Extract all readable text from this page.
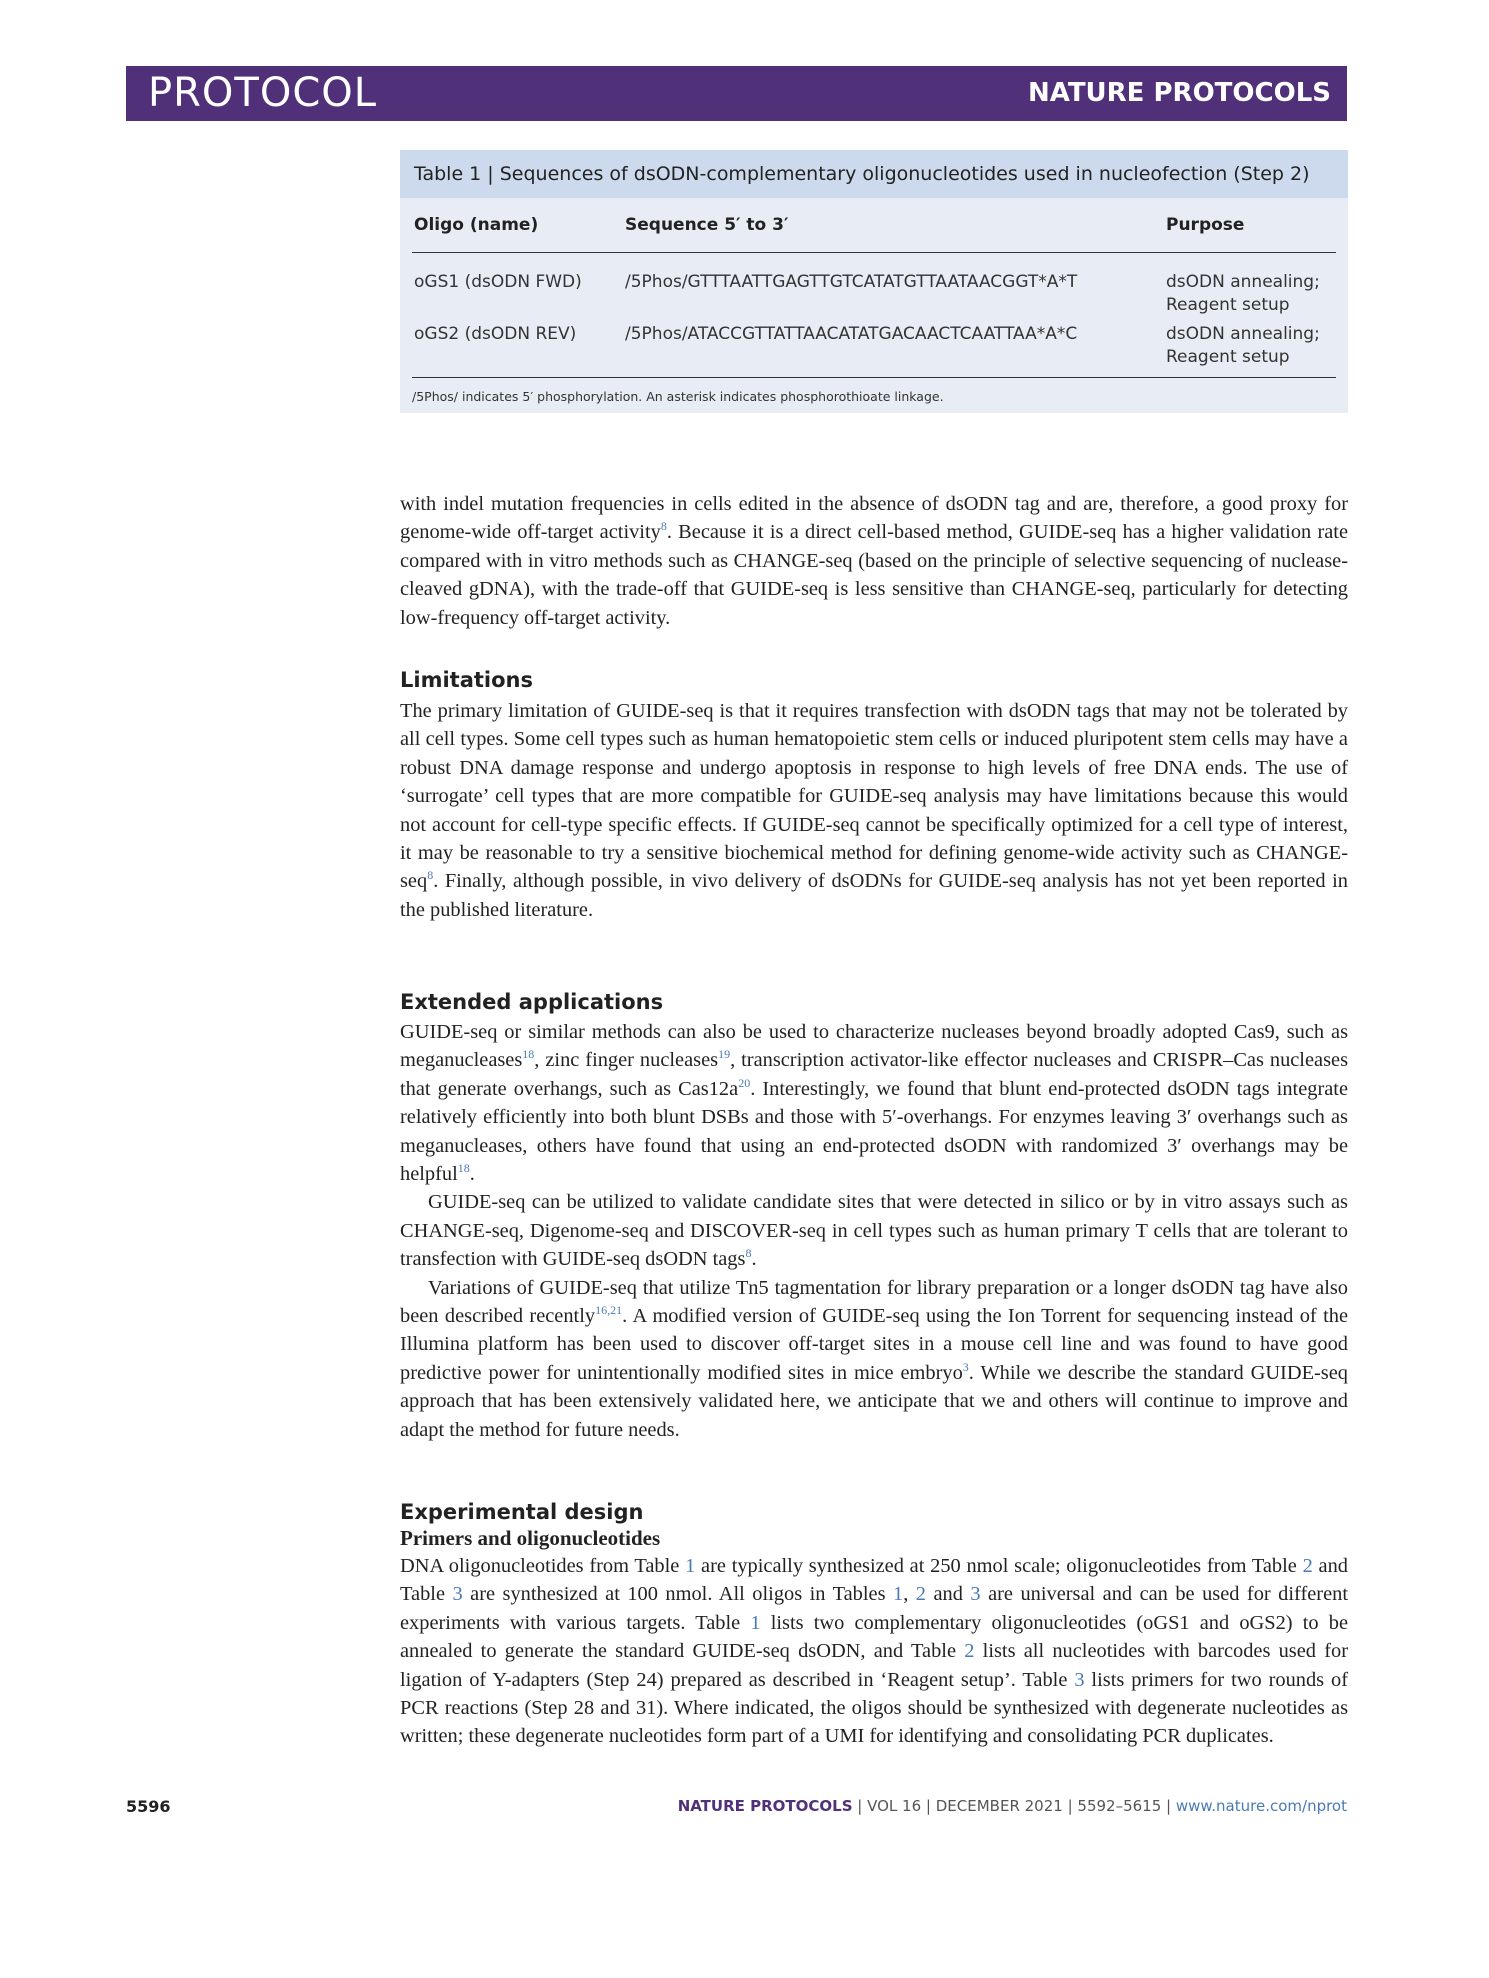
PROTOCOL	NATURE PROTOCOLS
Table 1 | Sequences of dsODN-complementary oligonucleotides used in nucleofection (Step 2)
Oligo (name)	Sequence 5′ to 3′	Purpose
oGS1 (dsODN FWD)	/5Phos/GTTTAATTGAGTTGTCATATGTTAATAACGGT*A*T	dsODN annealing;
Reagent setup
oGS2 (dsODN REV)	/5Phos/ATACCGTTATTAACATATGACAACTCAATTAA*A*C	dsODN annealing;
Reagent setup
/5Phos/ indicates 5′ phosphorylation. An asterisk indicates phosphorothioate linkage.

with indel mutation frequencies in cells edited in the absence of dsODN tag and are, therefore, a good proxy for genome-wide off-target activity$^8$. Because it is a direct cell-based method, GUIDE-seq has a higher validation rate compared with in vitro methods such as CHANGE-seq (based on the principle of selective sequencing of nuclease-cleaved gDNA), with the trade-off that GUIDE-seq is less sensitive than CHANGE-seq, particularly for detecting low-frequency off-target activity.

Limitations

The primary limitation of GUIDE-seq is that it requires transfection with dsODN tags that may not be tolerated by all cell types. Some cell types such as human hematopoietic stem cells or induced pluripotent stem cells may have a robust DNA damage response and undergo apoptosis in response to high levels of free DNA ends. The use of ‘surrogate’ cell types that are more compatible for GUIDE-seq analysis may have limitations because this would not account for cell-type specific effects. If GUIDE-seq cannot be specifically optimized for a cell type of interest, it may be reasonable to try a sensitive biochemical method for defining genome-wide activity such as CHANGE-seq$^8$. Finally, although possible, in vivo delivery of dsODNs for GUIDE-seq analysis has not yet been reported in the published literature.

Extended applications

GUIDE-seq or similar methods can also be used to characterize nucleases beyond broadly adopted Cas9, such as meganucleases$^{18}$, zinc finger nucleases$^{19}$, transcription activator-like effector nucleases and CRISPR–Cas nucleases that generate overhangs, such as $Cas12a^{20}$. Interestingly, we found that blunt end-protected dsODN tags integrate relatively efficiently into both blunt DSBs and those with 5′-overhangs. For enzymes leaving 3′ overhangs such as meganucleases, others have found that using an end-protected dsODN with randomized 3′ overhangs may be helpful$^{18}$.

GUIDE-seq can be utilized to validate candidate sites that were detected in silico or by in vitro assays such as CHANGE-seq, Digenome-seq and DISCOVER-seq in cell types such as human primary T cells that are tolerant to transfection with GUIDE-seq dsODN tags$^8$.

Variations of GUIDE-seq that utilize Tn5 tagmentation for library preparation or a longer dsODN tag have also been described recently$^{16,21}$. A modified version of GUIDE-seq using the Ion Torrent for sequencing instead of the Illumina platform has been used to discover off-target sites in a mouse cell line and was found to have good predictive power for unintentionally modified sites in mice embryo$^3$. While we describe the standard GUIDE-seq approach that has been extensively validated here, we anticipate that we and others will continue to improve and adapt the method for future needs.

Experimental design
Primers and oligonucleotides

DNA oligonucleotides from Table 1 are typically synthesized at 250 nmol scale; oligonucleotides from Table 2 and Table 3 are synthesized at 100 nmol. All oligos in Tables 1, 2 and 3 are universal and can be used for different experiments with various targets. Table 1 lists two complementary oligonucleotides (oGS1 and oGS2) to be annealed to generate the standard GUIDE-seq dsODN, and Table 2 lists all nucleotides with barcodes used for ligation of Y-adapters (Step 24) prepared as described in ‘Reagent setup’. Table 3 lists primers for two rounds of PCR reactions (Step 28 and 31). Where indicated, the oligos should be synthesized with degenerate nucleotides as written; these degenerate nucleotides form part of a UMI for identifying and consolidating PCR duplicates.

5596	NATURE PROTOCOLS | VOL 16 | DECEMBER 2021 | 5592–5615 | www.nature.com/nprot
